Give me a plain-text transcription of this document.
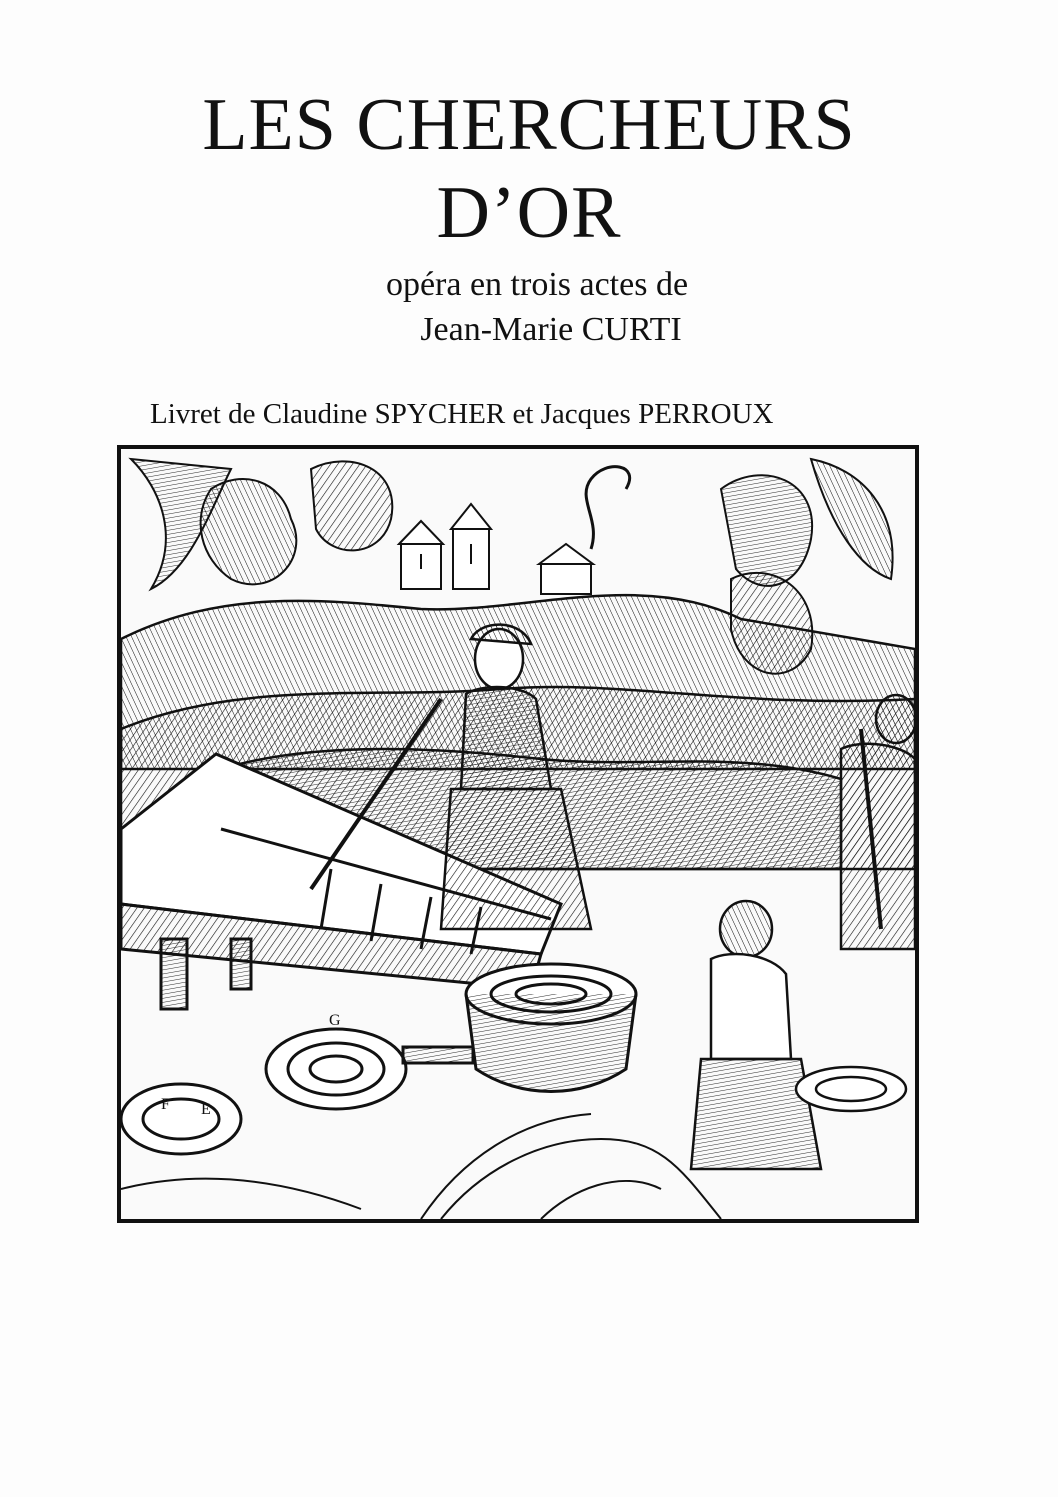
LES CHERCHEURS
D’OR
opéra en trois actes de
Jean-Marie CURTI
Livret de Claudine SPYCHER et Jacques PERROUX
G
F E
